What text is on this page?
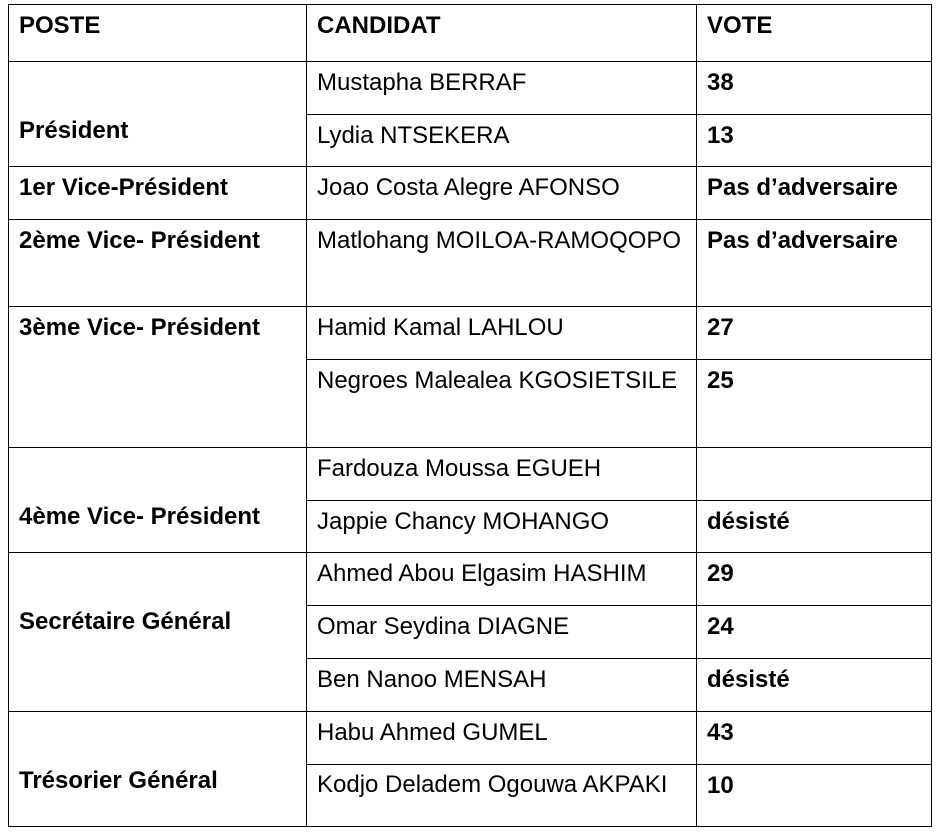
POSTE	CANDIDAT	VOTE
Président	Mustapha BERRAF	38
	Lydia NTSEKERA	13
1er Vice-Président	Joao Costa Alegre AFONSO	Pas d’adversaire
2ème Vice- Président	Matlohang MOILOA-RAMOQOPO	Pas d’adversaire
3ème Vice- Président	Hamid Kamal LAHLOU	27
	Negroes Malealea KGOSIETSILE	25
4ème Vice- Président	Fardouza Moussa EGUEH	
	Jappie Chancy MOHANGO	désisté
Secrétaire Général	Ahmed Abou Elgasim HASHIM	29
	Omar Seydina DIAGNE	24
	Ben Nanoo MENSAH	désisté
Trésorier Général	Habu Ahmed GUMEL	43
	Kodjo Deladem Ogouwa AKPAKI	10
